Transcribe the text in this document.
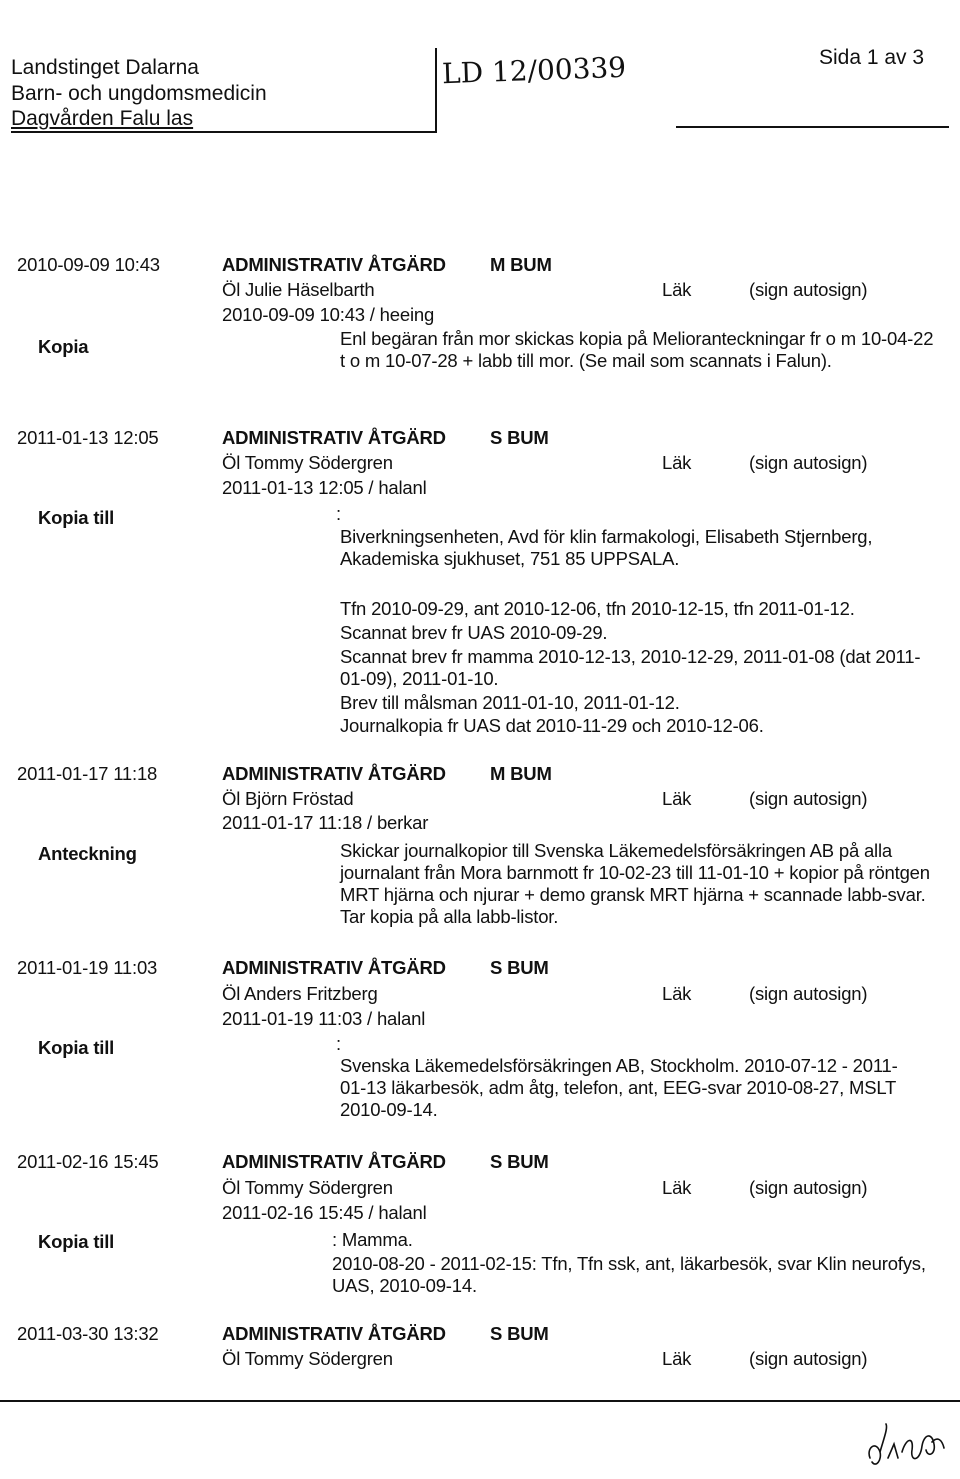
Landstinget Dalarna
Barn- och ungdomsmedicin
Dagvården Falu las
LD 12/00339	Sida 1 av 3
2010-09-09 10:43
Kopia
ADMINISTRATIV ÅTGÄRD M BUM
Öl Julie Häselbarth	Läk	(sign autosign)
2010-09-09 10:43 / heeing
Enl begäran från mor skickas kopia på Melioranteckningar fr o m 10-04-22 t o m 10-07-28 + labb till mor. (Se mail som scannats i Falun).
2011-01-13 12:05
Kopia till
ADMINISTRATIV ÅTGÄRD S BUM
Öl Tommy Södergren	Läk	(sign autosign)
2011-01-13 12:05 / halanl
:
Biverkningsenheten, Avd för klin farmakologi, Elisabeth Stjernberg, Akademiska sjukhuset, 751 85 UPPSALA.
Tfn 2010-09-29, ant 2010-12-06, tfn 2010-12-15, tfn 2011-01-12.
Scannat brev fr UAS 2010-09-29.
Scannat brev fr mamma 2010-12-13, 2010-12-29, 2011-01-08 (dat 2011-01-09), 2011-01-10.
Brev till målsman 2011-01-10, 2011-01-12.
Journalkopia fr UAS dat 2010-11-29 och 2010-12-06.
2011-01-17 11:18
Anteckning
ADMINISTRATIV ÅTGÄRD M BUM
Öl Björn Fröstad	Läk	(sign autosign)
2011-01-17 11:18 / berkar
Skickar journalkopior till Svenska Läkemedelsförsäkringen AB på alla journalant från Mora barnmott fr 10-02-23 till 11-01-10 + kopior på röntgen MRT hjärna och njurar + demo gransk MRT hjärna + scannade labb-svar. Tar kopia på alla labb-listor.
2011-01-19 11:03
Kopia till
ADMINISTRATIV ÅTGÄRD S BUM
Öl Anders Fritzberg	Läk	(sign autosign)
2011-01-19 11:03 / halanl
:
Svenska Läkemedelsförsäkringen AB, Stockholm. 2010-07-12 - 2011-01-13 läkarbesök, adm åtg, telefon, ant, EEG-svar 2010-08-27, MSLT 2010-09-14.
2011-02-16 15:45
Kopia till
ADMINISTRATIV ÅTGÄRD S BUM
Öl Tommy Södergren	Läk	(sign autosign)
2011-02-16 15:45 / halanl
: Mamma.
2010-08-20 - 2011-02-15: Tfn, Tfn ssk, ant, läkarbesök, svar Klin neurofys, UAS, 2010-09-14.
2011-03-30 13:32	ADMINISTRATIV ÅTGÄRD S BUM
Öl Tommy Södergren	Läk	(sign autosign)
